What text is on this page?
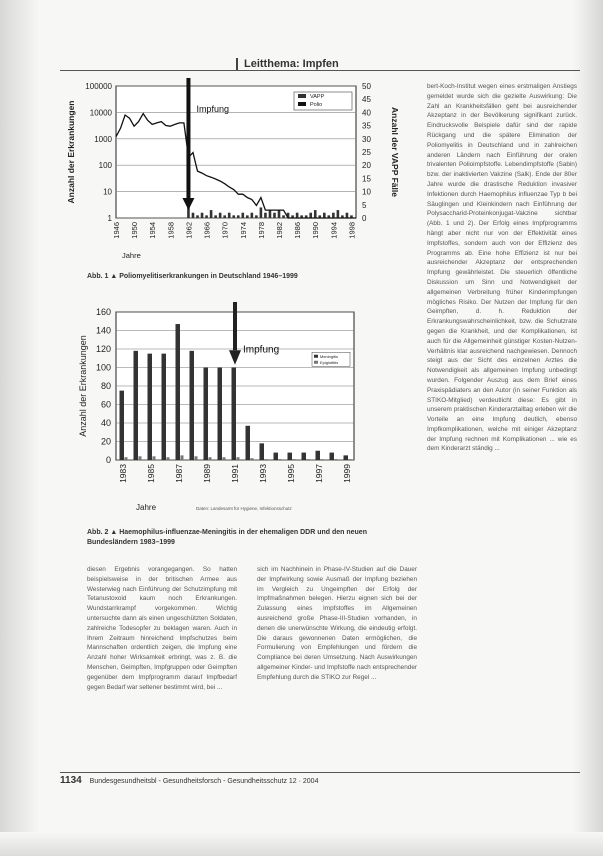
Leitthema: Impfen
100000
10000
1000
100
10
1
50
45
40
35
30
25
20
15
10
5
0
1946 1950 1954 1958 1962 1966 1970 1974 1978 1982 1986 1990 1994 1998
Jahre
Anzahl der Erkrankungen	Anzahl der VAPP Fälle
Impfung
VAPP
Polio
Abb. 1 ▲ Poliomyelitiserkrankungen in Deutschland 1946–1999
160
140
120
100
80
60
40
20
0
Anzahl der Erkrankungen
1983 1985 1987 1989 1991 1993 1995 1997 1999
Jahre	Daten: Landesamt für Hygiene, Infektionsschutz
Impfung
Meningitis
Epiglottitis
Abb. 2 ▲ Haemophilus-influenzae-Meningitis in der ehemaligen DDR und den neuen Bundesländern 1983–1999
bert-Koch-Institut wegen eines erstmaligen Anstiegs gemeldet wurde sich die gezielte Auswirkung: Die Zahl an Krankheitsfällen geht bei ausreichender Akzeptanz in der Bevölkerung signifikant zurück. Eindrucksvolle Beispiele dafür sind der rapide Rückgang und die spätere Elimination der Poliomyelitis in Deutschland und in zahlreichen anderen Ländern nach Einführung der oralen trivalenten Polioimpfstoffe. Lebendimpfstoffe (Sabin) bzw. der inaktivierten Vakzine (Salk). Ende der 80er Jahre wurde die drastische Reduktion invasiver Infektionen durch Haemophilus influenzae Typ b bei Säuglingen und Kleinkindern nach Einführung der Polysaccharid-Proteinkonjugat-Vakzine sichtbar (Abb. 1 und 2). Der Erfolg eines Impfprogramms hängt aber nicht nur von der Effektivität eines Impfstoffes, sondern auch von der Effizienz des Programms ab. Eine hohe Effizienz ist nur bei ausreichender Akzeptanz der entsprechenden Impfung gewährleistet. Die steuerlich öffentliche Diskussion um Sinn und Notwendigkeit der allgemeinen Verbreitung früher Kinderimpfungen mögliches Risiko. Der Nutzen der Impfung für den Geimpften, d. h. Reduktion der Erkrankungswahrscheinlichkeit, bzw. die Schutzrate gegen die Krankheit, und der Komplikationen, ist auch für die Allgemeinheit günstiger Kosten-Nutzen-Verhältnis klar ausreichend nachgewiesen. Dennoch steigt aus der Sicht des einzelnen Arztes die Notwendigkeit als allgemeinen Impfung unbedingt wurden. Folgender Auszug aus dem Brief eines Praxispädiaters an den Autor (in seiner Funktion als STIKO-Mitglied) verdeutlicht diese: Es gibt in unserem praktischen Kinderarztalltag erleben wir die Vorteile an eine Impfung deutlich, ebenso Impfkomplikationen, welche mit einiger Akzeptanz der Impfung rechnen mit Komplikationen ... wie es dem Kinderarzt ständig ...
diesen Ergebnis vorangegangen. So hatten beispielsweise in der britischen Armee aus Westerwieg nach Einführung der Schutzimpfung mit Tetanustoxoid kaum noch Erkrankungen. Wundstarrkrampf vorgekommen. Wichtig untersuchte dann als einen ungeschützten Soldaten, zahlreiche Todesopfer zu beklagen waren. Auch in Ihrem Zeitraum hinreichend Impfschutzes beim Mannschaften ordentlich zeigen, die Impfung eine Anzahl hoher Wirksamkeit erbringt, was z. B. die Menschen, Geimpften, Impfgruppen oder Geimpften gegenüber dem Impfprogramm darauf Impfbedarf gegen Bedarf war seltener bestimmt wird, bei ...
sich im Nachhinein in Phase-IV-Studien auf die Dauer der Impfwirkung sowie Ausmaß der Impfung beziehen im Vergleich zu Ungeimpften der Erfolg der Impfmaßnahmen belegen. Hierzu eignen sich bei der Zulassung eines Impfstoffes im Allgemeinen ausreichend große Phase-III-Studien vorhanden, in denen die unerwünschte Wirkung, die eindeutig erfolgt. Die daraus gewonnenen Daten ermöglichen, die Formulierung von Empfehlungen und fördern die Compliance bei deren Umsetzung. Nach Auswirkungen allgemeiner Kinder- und Impfstoffe nach entsprechender Empfehlung durch die STIKO zur Regel ...
1134 Bundesgesundheitsbl - Gesundheitsforsch - Gesundheitsschutz 12 · 2004
